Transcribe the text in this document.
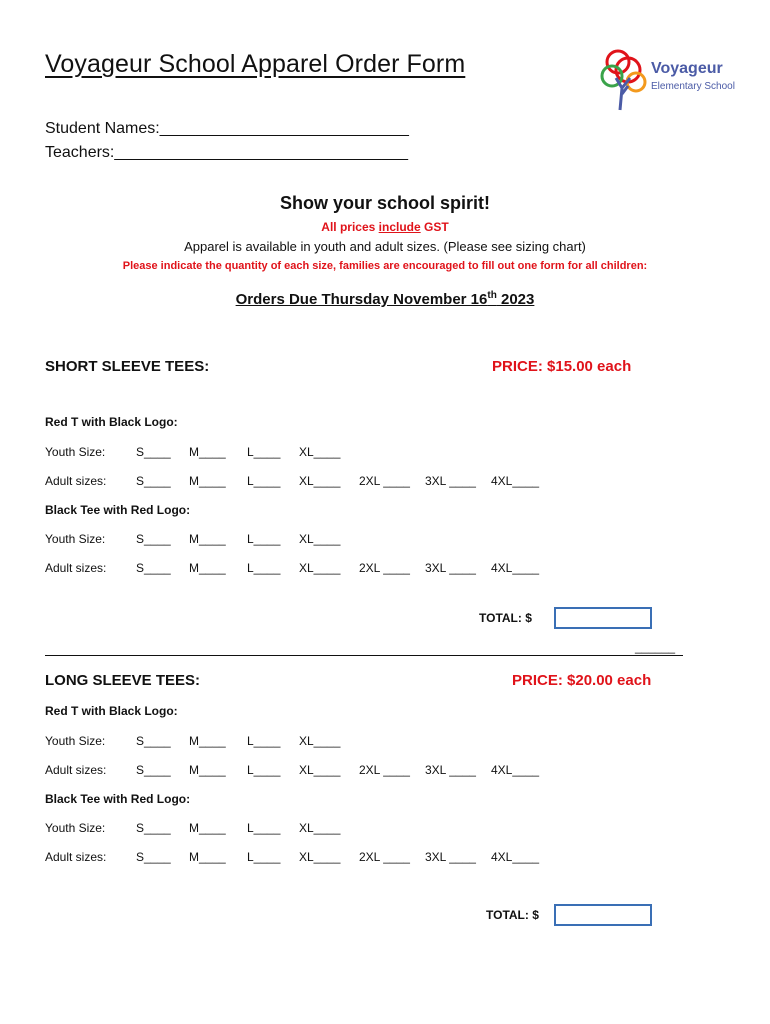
Voyageur School Apparel Order Form
Student Names:____________________________
Teachers:_________________________________
Voyageur
Elementary School
Show your school spirit!
All prices include GST
Apparel is available in youth and adult sizes. (Please see sizing chart)
Please indicate the quantity of each size, families are encouraged to fill out one form for all children:
Orders Due Thursday November 16th 2023
SHORT SLEEVE TEES:	PRICE: $15.00 each
Red T with Black Logo:
Youth Size:	S____ M____ L____ XL____
Adult sizes: S____ M____ L____ XL____ 2XL ____ 3XL ____ 4XL____
Black Tee with Red Logo:
Youth Size:	S____ M____ L____ XL____
Adult sizes: S____ M____ L____ XL____ 2XL ____ 3XL ____ 4XL____
TOTAL: $
______
LONG SLEEVE TEES:	PRICE: $20.00 each
Red T with Black Logo:
Youth Size:	S____ M____ L____ XL____
Adult sizes: S____ M____ L____ XL____ 2XL ____ 3XL ____ 4XL____
Black Tee with Red Logo:
Youth Size:	S____ M____ L____ XL____
Adult sizes: S____ M____ L____ XL____ 2XL ____ 3XL ____ 4XL____
TOTAL: $
